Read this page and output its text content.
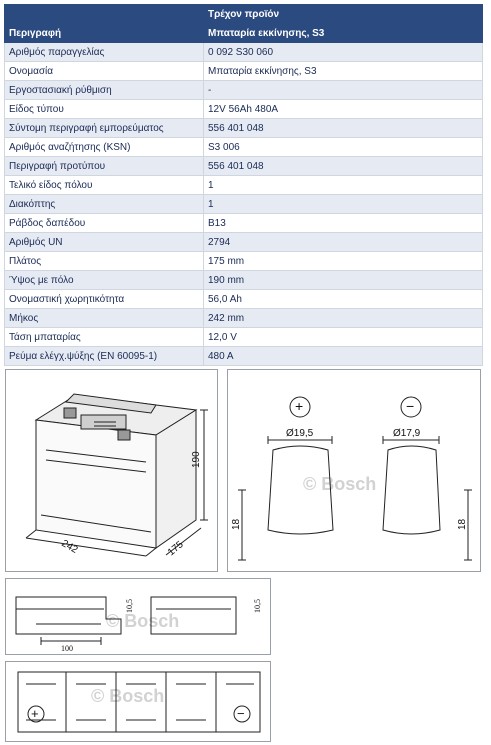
	Τρέχον προϊόν
Περιγραφή	Μπαταρία εκκίνησης, S3
Αριθμός παραγγελίας	0 092 S30 060
Ονομασία	Μπαταρία εκκίνησης, S3
Εργοστασιακή ρύθμιση	-
Είδος τύπου	12V 56Ah 480A
Σύντομη περιγραφή εμπορεύματος	556 401 048
Αριθμός αναζήτησης (KSN)	S3 006
Περιγραφή προτύπου	556 401 048
Τελικό είδος πόλου	1
Διακόπτης	1
Ράβδος δαπέδου	B13
Αριθμός UN	2794
Πλάτος	175 mm
Ύψος με πόλο	190 mm
Ονομαστική χωρητικότητα	56,0 Ah
Μήκος	242 mm
Τάση μπαταρίας	12,0 V
Ρεύμα ελέγχ.ψύξης (EN 60095-1)	480 A
190
242	175
© Bosch
+	−
Ø19,5	Ø17,9
18	18
© Bosch
10,5	10,5
100
© Bosch
+	−
